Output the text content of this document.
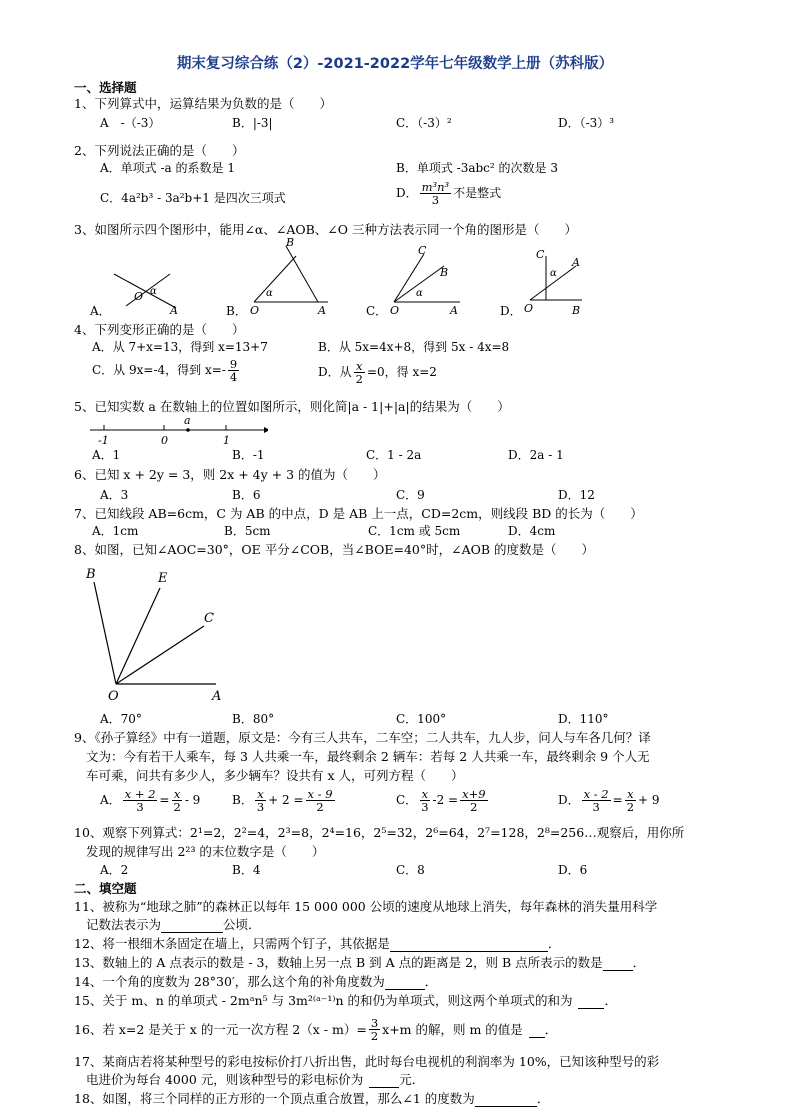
期末复习综合练（2）-2021-2022学年七年级数学上册（苏科版）
一、选择题
1、下列算式中，运算结果为负数的是（　　）
A　-（-3）	B．|-3|	C．（-3）²	D．（-3）³
2、下列说法正确的是（　　）
A．单项式 -a 的系数是 1	B．单项式 -3abc² 的次数是 3
C．4a²b³ - 3a²b+1 是四次三项式	D． $\frac{\text{m³n³}}{3}$ 不是整式
3、如图所示四个图形中，能用∠α、∠AOB、∠O 三种方法表示同一个角的图形是（　　）
O α
A
B
α
O	A
C
B
α
O	A
C
A
α
O	B
A．	B．	C．	D．
4、下列变形正确的是（　　）
A．从 7+x=13，得到 x=13+7	B．从 5x=4x+8，得到 5x - 4x=8
C．从 9x=-4，得到 $x=- \frac{9}{4}$	D．从 $\frac{x}{2} =0$，得 x=2
5、已知实数 a 在数轴上的位置如图所示，则化简|a - 1|+|a|的结果为（　　）
a
-1	0	1
A．1	B．-1	C．1 - 2a	D．2a - 1
6、已知 x + 2y = 3，则 2x + 4y + 3 的值为（　　）
A．3	B．6	C．9	D．12
7、已知线段 AB=6cm，C 为 AB 的中点，D 是 AB 上一点，CD=2cm，则线段 BD 的长为（　　）
A．1cm	B．5cm	C．1cm 或 5cm	D．4cm
8、如图，已知∠AOC=30°，OE 平分∠COB，当∠BOE=40°时，∠AOB 的度数是（　　）
B	E
C
O	A
A．70°	B．80°	C．100°	D．110°
9、《孙子算经》中有一道题，原文是：今有三人共车，二车空；二人共车，九人步，问人与车各几何？译
文为：今有若干人乘车，每 3 人共乘一车，最终剩余 2 辆车：若每 2 人共乘一车，最终剩余 9 个人无
车可乘，问共有多少人，多少辆车？设共有 x 人，可列方程（　　）
A． $\frac{x + 2}{3} = \frac{x}{2} - 9$	B． $\frac{x}{3} + 2 = \frac{x - 9}{2}$	C． $\frac{x}{3} -2 = \frac{x+9}{2}$	D． $\frac{x - 2}{3} = \frac{x}{2} + 9$
10、观察下列算式：2¹=2，2²=4，2³=8，2⁴=16，2⁵=32，2⁶=64，2⁷=128，2⁸=256…观察后，用你所
发现的规律写出 2²³ 的末位数字是（　　）
A．2	B．4	C．8	D．6
二、填空题
11、被称为“地球之肺”的森林正以每年 15 000 000 公顷的速度从地球上消失，每年森林的消失量用科学
记数法表示为	公顷．
12、将一根细木条固定在墙上，只需两个钉子，其依据是	．
13、数轴上的 A 点表示的数是 - 3，数轴上另一点 B 到 A 点的距离是 2，则 B 点所表示的数是 ．
14、一个角的度数为 28°30′，那么这个角的补角度数为	．
15、关于 m、n 的单项式 - 2mᵃn⁵ 与 3m²⁽ᵃ⁻¹⁾n 的和仍为单项式，则这两个单项式的和为	．
16、若 x=2 是关于 x 的一元一次方程 $2(x - m)= \frac{3}{2} x+m$ 的解，则 m 的值是
．
17、某商店若将某种型号的彩电按标价打八折出售，此时每台电视机的利润率为 10%，已知该种型号的彩
电进价为每台 4000 元，则该种型号的彩电标价为	元．
18、如图，将三个同样的正方形的一个顶点重合放置，那么∠1 的度数为	．
